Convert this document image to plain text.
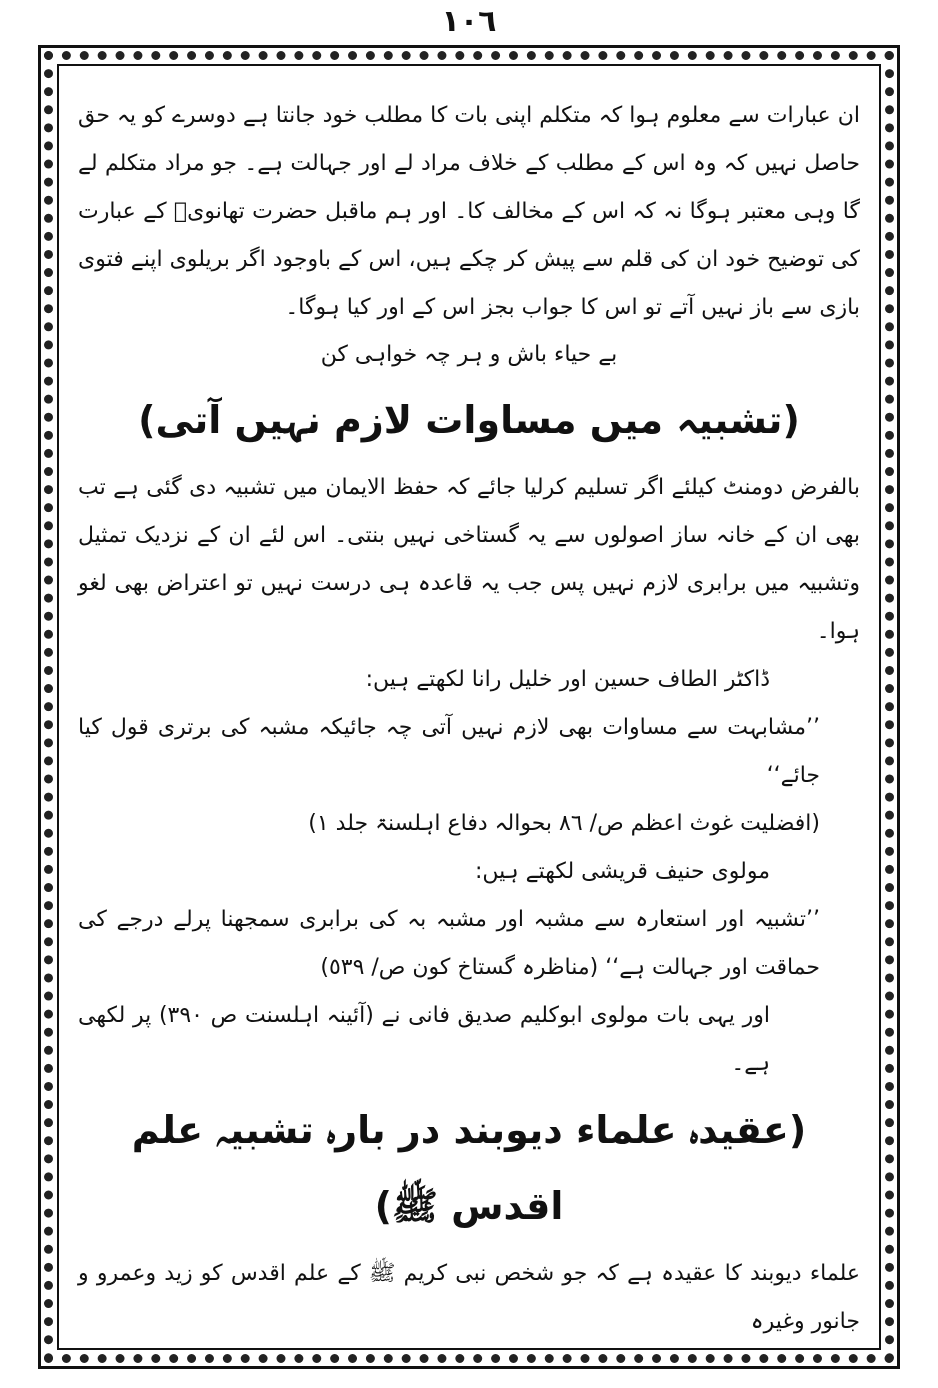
١٠٦

ان عبارات سے معلوم ہوا کہ متکلم اپنی بات کا مطلب خود جانتا ہے دوسرے کو یہ حق حاصل نہیں کہ وہ اس کے مطلب کے خلاف مراد لے اور جہالت ہے۔ جو مراد متکلم لے گا وہی معتبر ہوگا نہ کہ اس کے مخالف کا۔ اور ہم ماقبل حضرت تھانویؒ کے عبارت کی توضیح خود ان کی قلم سے پیش کر چکے ہیں، اس کے باوجود اگر بریلوی اپنے فتوی بازی سے باز نہیں آتے تو اس کا جواب بجز اس کے اور کیا ہوگا۔

بے حیاء باش و ہر چہ خواہی کن

(تشبیہ میں مساوات لازم نہیں آتی)

بالفرض دومنٹ کیلئے اگر تسلیم کرلیا جائے کہ حفظ الایمان میں تشبیہ دی گئی ہے تب بھی ان کے خانہ ساز اصولوں سے یہ گستاخی نہیں بنتی۔ اس لئے ان کے نزدیک تمثیل وتشبیہ میں برابری لازم نہیں پس جب یہ قاعدہ ہی درست نہیں تو اعتراض بھی لغو ہوا۔

ڈاکٹر الطاف حسین اور خلیل رانا لکھتے ہیں:

’’مشابہت سے مساوات بھی لازم نہیں آتی چہ جائیکہ مشبہ کی برتری قول کیا جائے‘‘

(افضلیت غوث اعظم ص/ ٨٦ بحوالہ دفاع اہلسنۃ جلد ١)

مولوی حنیف قریشی لکھتے ہیں:

’’تشبیہ اور استعارہ سے مشبہ اور مشبہ بہ کی برابری سمجھنا پرلے درجے کی حماقت اور جہالت ہے‘‘ (مناظرہ گستاخ کون ص/ ٥٣٩)

اور یہی بات مولوی ابوکلیم صدیق فانی نے (آئینہ اہلسنت ص ٣٩٠) پر لکھی ہے۔

(عقیدہ علماء دیوبند در بارہ تشبیہ علم اقدس ﷺ)

علماء دیوبند کا عقیدہ ہے کہ جو شخص نبی کریم ﷺ کے علم اقدس کو زید وعمرو و جانور وغیرہ
